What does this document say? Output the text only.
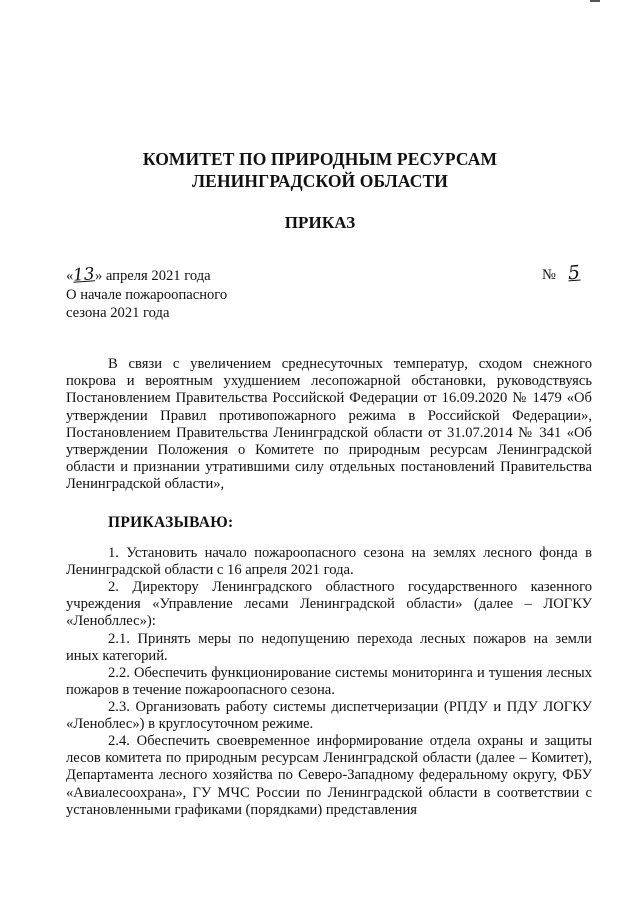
КОМИТЕТ ПО ПРИРОДНЫМ РЕСУРСАМ
ЛЕНИНГРАДСКОЙ ОБЛАСТИ
ПРИКАЗ
«13» апреля 2021 года	№ 5
О начале пожароопасного
сезона 2021 года
В связи с увеличением среднесуточных температур, сходом снежного покрова и вероятным ухудшением лесопожарной обстановки, руководствуясь Постановлением Правительства Российской Федерации от 16.09.2020 № 1479 «Об утверждении Правил противопожарного режима в Российской Федерации», Постановлением Правительства Ленинградской области от 31.07.2014 № 341 «Об утверждении Положения о Комитете по природным ресурсам Ленинградской области и признании утратившими силу отдельных постановлений Правительства Ленинградской области»,
ПРИКАЗЫВАЮ:
1. Установить начало пожароопасного сезона на землях лесного фонда в Ленинградской области с 16 апреля 2021 года.
2. Директору Ленинградского областного государственного казенного учреждения «Управление лесами Ленинградской области» (далее – ЛОГКУ «Ленобллес»):
2.1. Принять меры по недопущению перехода лесных пожаров на земли иных категорий.
2.2. Обеспечить функционирование системы мониторинга и тушения лесных пожаров в течение пожароопасного сезона.
2.3. Организовать работу системы диспетчеризации (РПДУ и ПДУ ЛОГКУ «Леноблес») в круглосуточном режиме.
2.4. Обеспечить своевременное информирование отдела охраны и защиты лесов комитета по природным ресурсам Ленинградской области (далее – Комитет), Департамента лесного хозяйства по Северо-Западному федеральному округу, ФБУ «Авиалесоохрана», ГУ МЧС России по Ленинградской области в соответствии с установленными графиками (порядками) представления
